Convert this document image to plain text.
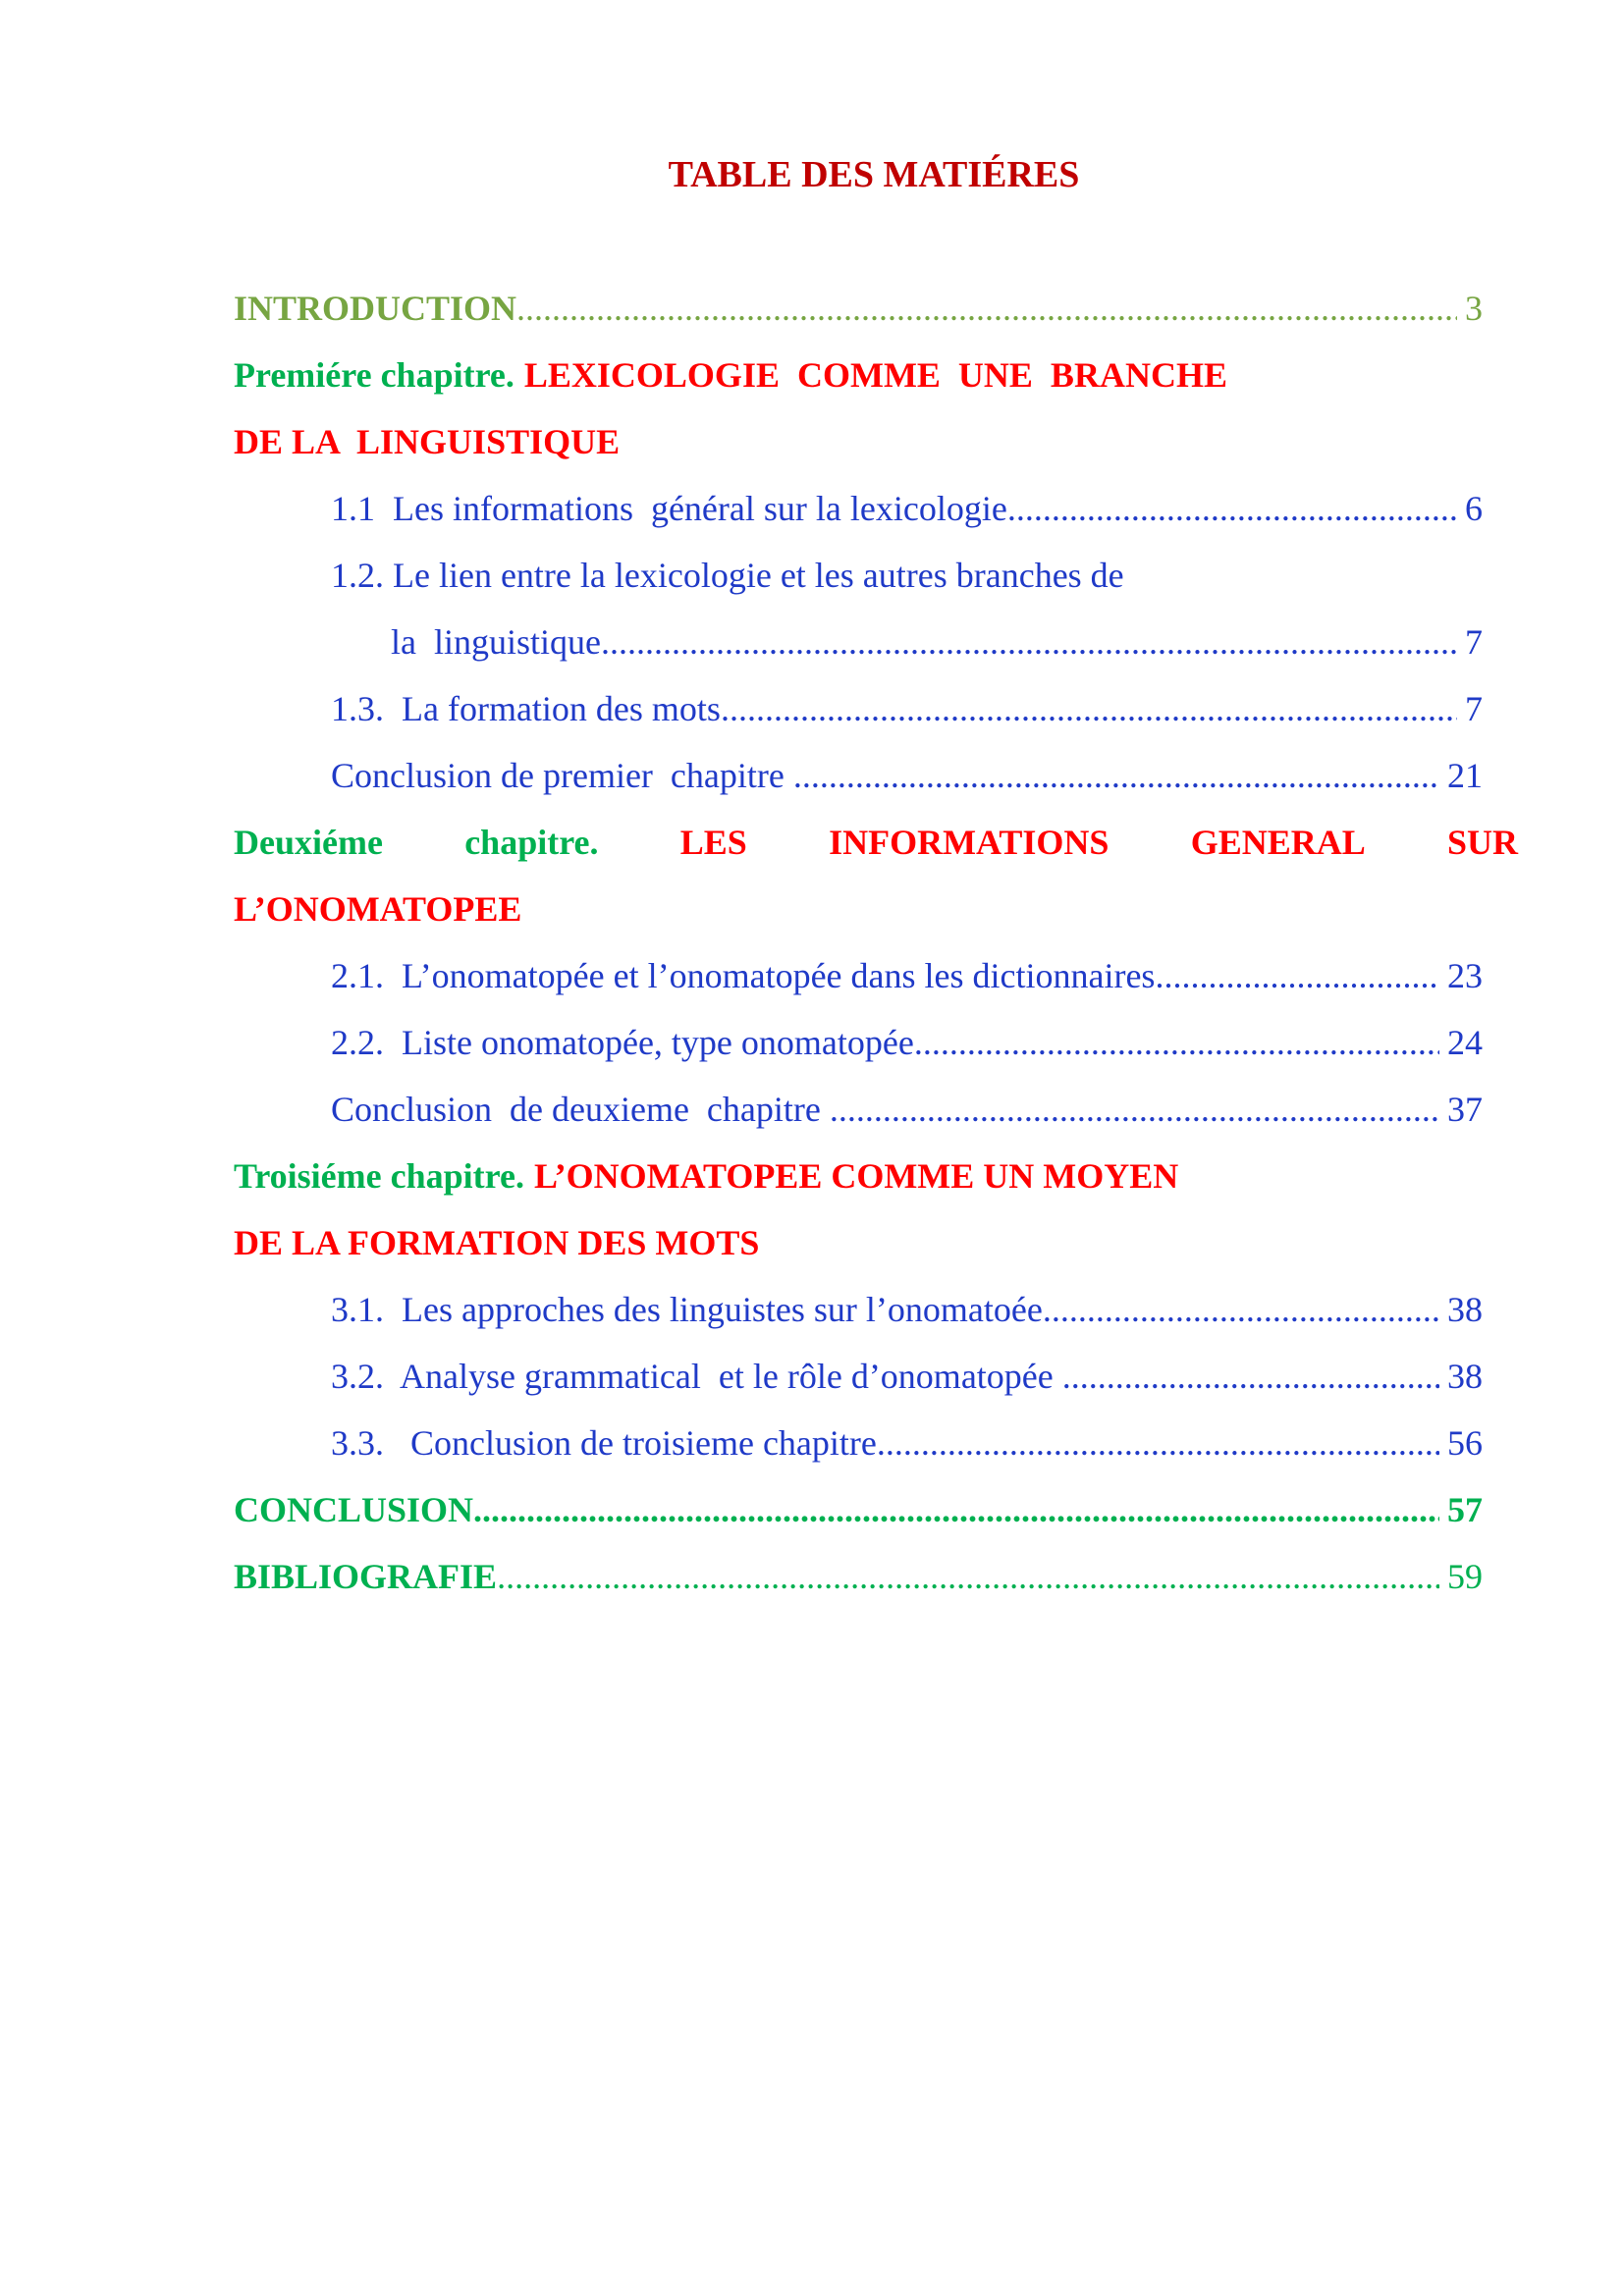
TABLE DES MATIÉRES
INTRODUCTION .....	3
Premiére chapitre. LEXICOLOGIE  COMME  UNE  BRANCHE
DE LA  LINGUISTIQUE
1.1  Les informations  général sur la lexicologie .....	6
1.2. Le lien entre la lexicologie et les autres branches de
la  linguistique .....	7
1.3.  La formation des mots .....	7
Conclusion de premier  chapitre .....	21
Deuxiéme chapitre. LES INFORMATIONS GENERAL SUR
L’ONOMATOPEE
2.1.  L’onomatopée et l’onomatopée dans les dictionnaires .....	23
2.2.  Liste onomatopée, type onomatopée .....	24
Conclusion  de deuxieme  chapitre .....	37
Troisiéme chapitre. L’ONOMATOPEE COMME UN MOYEN
DE LA FORMATION DES MOTS
3.1.  Les approches des linguistes sur l’onomatoée .....	38
3.2.  Analyse grammatical  et le rôle d’onomatopée .....	38
3.3.   Conclusion de troisieme chapitre .....	56
CONCLUSION .....	57
BIBLIOGRAFIE .....	59
